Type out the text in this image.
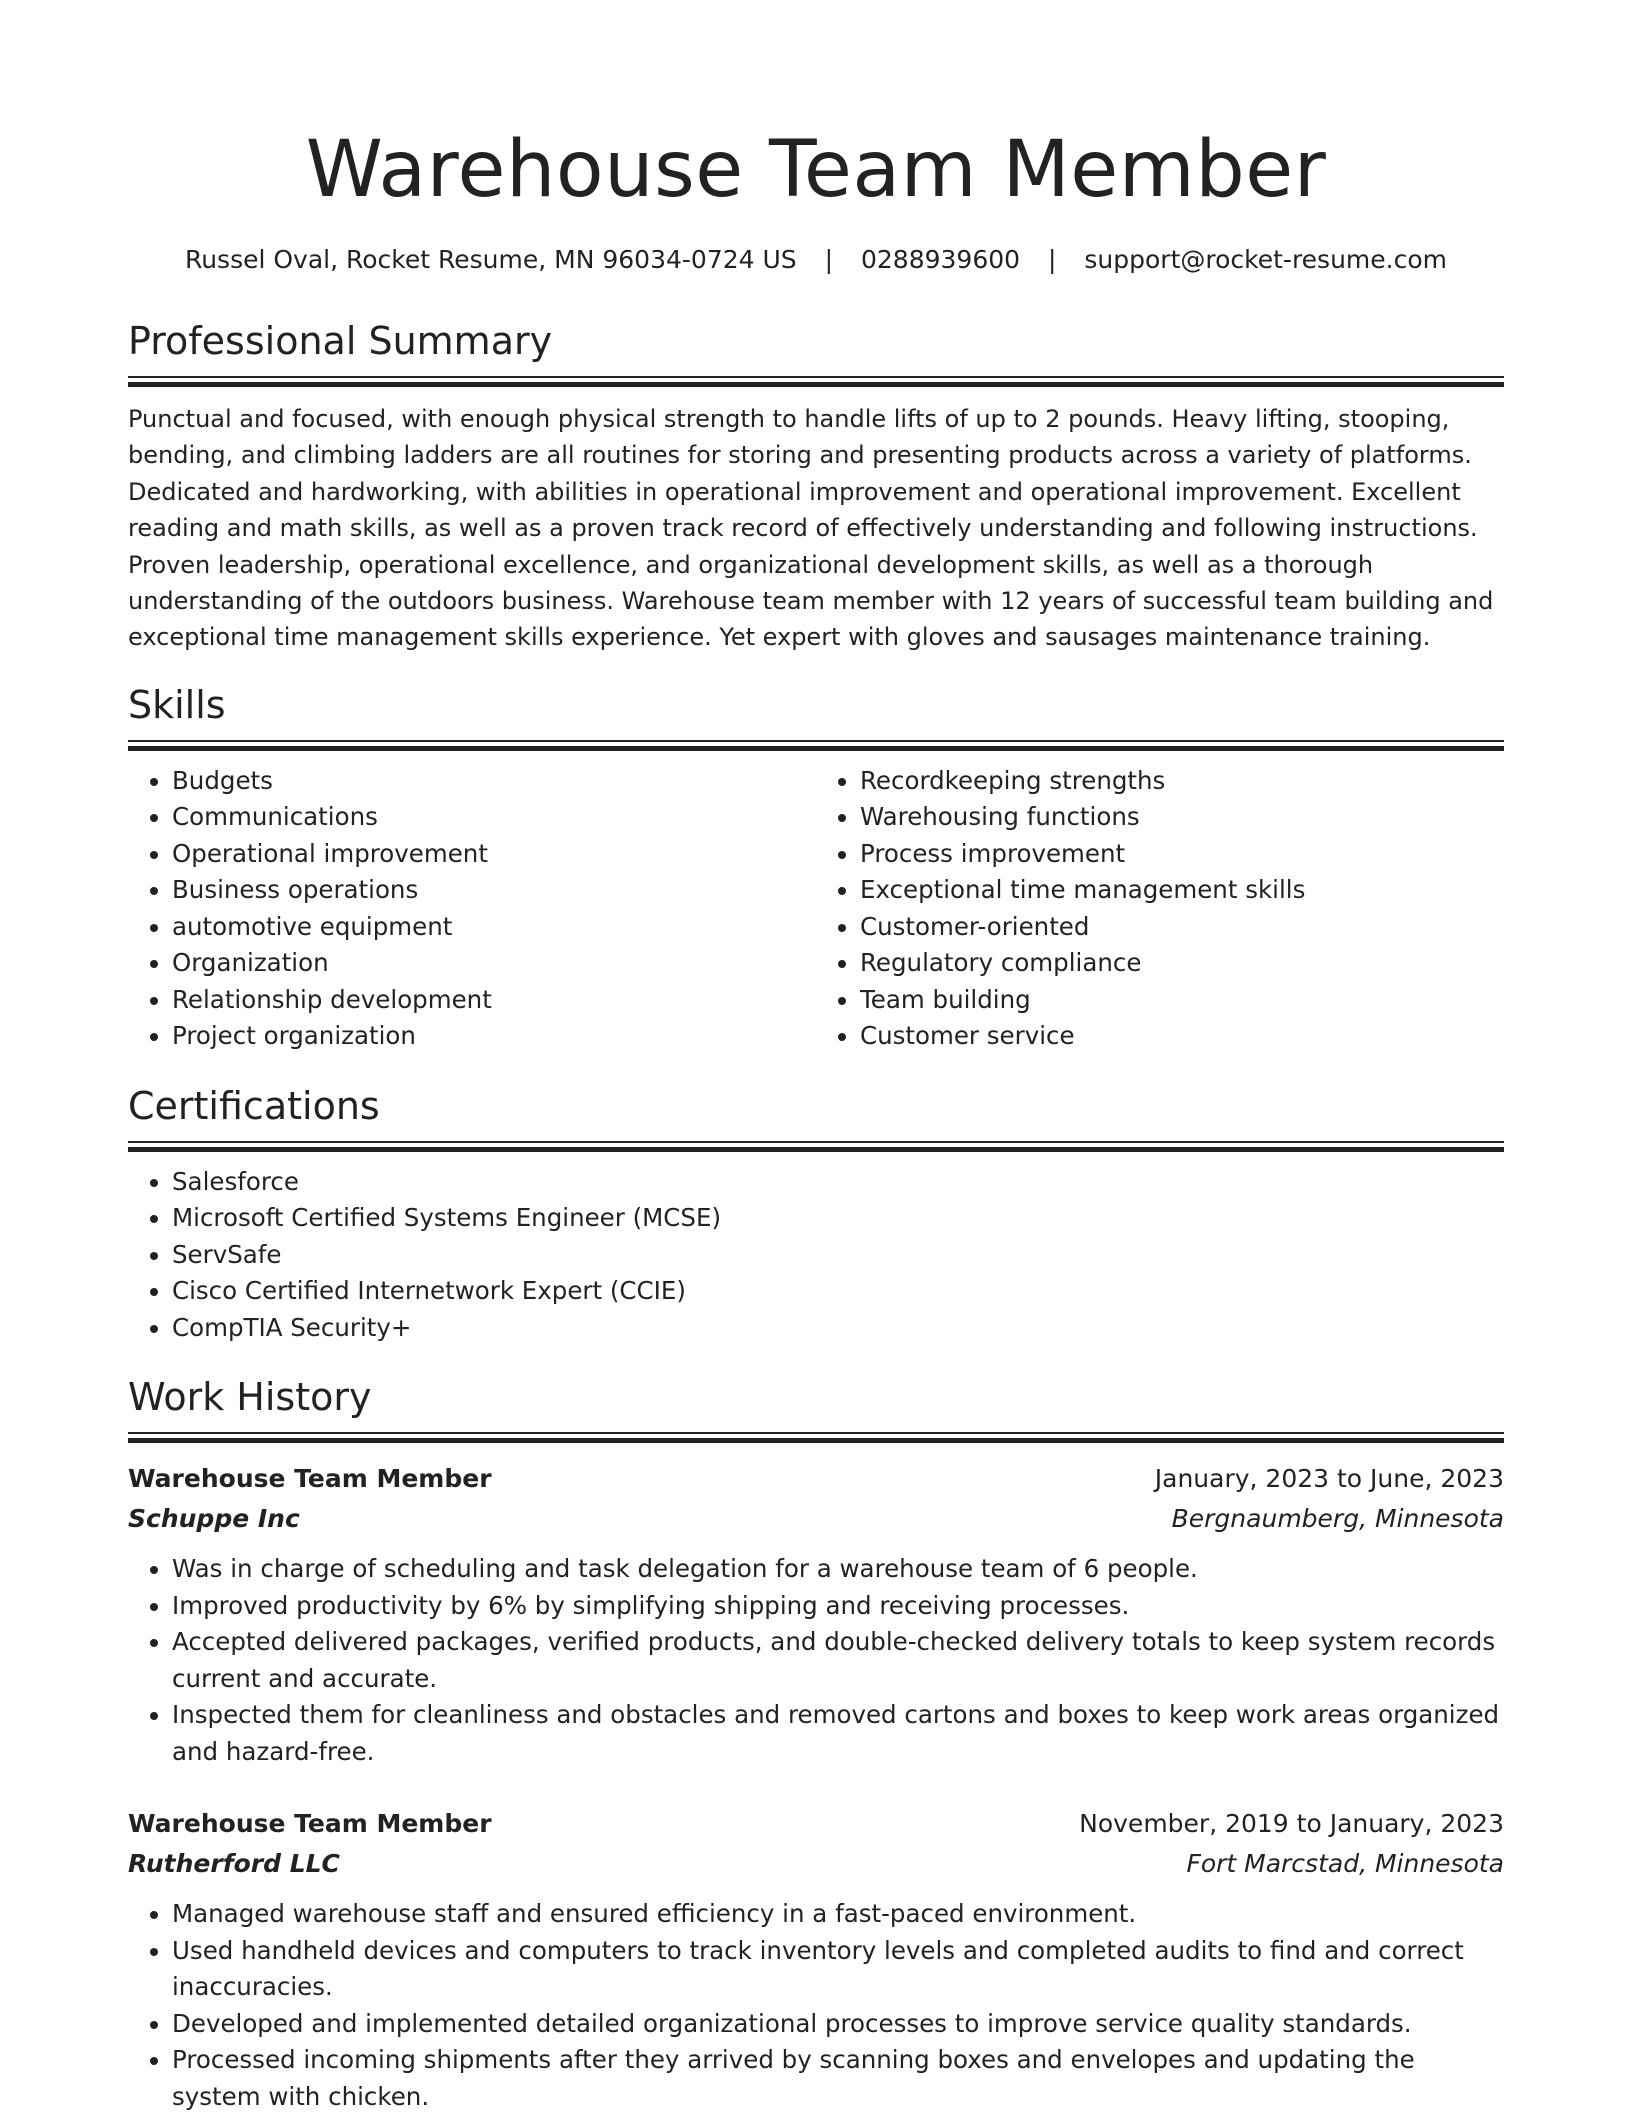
Warehouse Team Member
Russel Oval, Rocket Resume, MN 96034-0724 US | 0288939600 | support@rocket-resume.com
Professional Summary

Punctual and focused, with enough physical strength to handle lifts of up to 2 pounds. Heavy lifting, stooping, bending, and climbing ladders are all routines for storing and presenting products across a variety of platforms. Dedicated and hardworking, with abilities in operational improvement and operational improvement. Excellent reading and math skills, as well as a proven track record of effectively understanding and following instructions. Proven leadership, operational excellence, and organizational development skills, as well as a thorough understanding of the outdoors business. Warehouse team member with 12 years of successful team building and exceptional time management skills experience. Yet expert with gloves and sausages maintenance training.

Skills
• Budgets
• Communications
• Operational improvement
• Business operations
• automotive equipment
• Organization
• Relationship development
• Project organization
• Recordkeeping strengths
• Warehousing functions
• Process improvement
• Exceptional time management skills
• Customer-oriented
• Regulatory compliance
• Team building
• Customer service
Certifications
• Salesforce
• Microsoft Certified Systems Engineer (MCSE)
• ServSafe
• Cisco Certified Internetwork Expert (CCIE)
• CompTIA Security+
Work History
Warehouse Team Member	January, 2023 to June, 2023
Schuppe Inc	Bergnaumberg, Minnesota
• Was in charge of scheduling and task delegation for a warehouse team of 6 people.
• Improved productivity by 6% by simplifying shipping and receiving processes.
• Accepted delivered packages, verified products, and double-checked delivery totals to keep system records current and accurate.
• Inspected them for cleanliness and obstacles and removed cartons and boxes to keep work areas organized and hazard-free.
Warehouse Team Member	November, 2019 to January, 2023
Rutherford LLC	Fort Marcstad, Minnesota
• Managed warehouse staff and ensured efficiency in a fast-paced environment.
• Used handheld devices and computers to track inventory levels and completed audits to find and correct inaccuracies.
• Developed and implemented detailed organizational processes to improve service quality standards.
• Processed incoming shipments after they arrived by scanning boxes and envelopes and updating the system with chicken.
